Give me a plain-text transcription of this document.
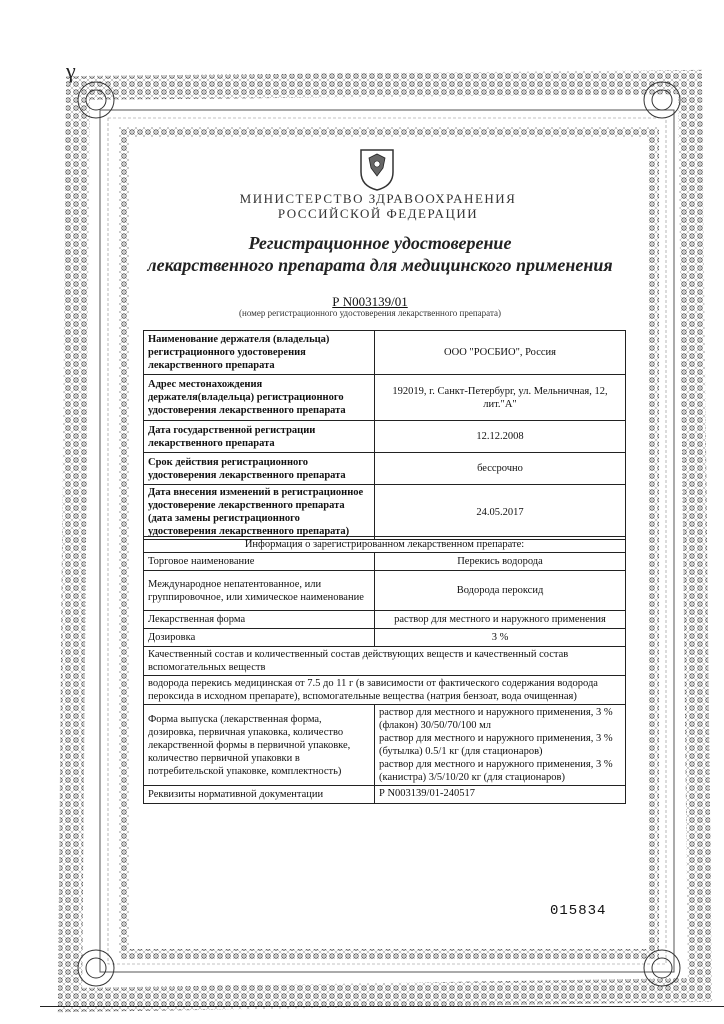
γ
МИНИСТЕРСТВО ЗДРАВООХРАНЕНИЯ
РОССИЙСКОЙ ФЕДЕРАЦИИ
Регистрационное удостоверение
лекарственного препарата для медицинского применения
Р N003139/01
(номер регистрационного удостоверения лекарственного препарата)
Наименование держателя (владельца) регистрационного удостоверения лекарственного препарата	ООО "РОСБИО", Россия
Адрес местонахождения держателя(владельца) регистрационного удостоверения лекарственного препарата	192019, г. Санкт-Петербург, ул. Мельничная, 12, лит."А"
Дата государственной регистрации лекарственного препарата	12.12.2008
Срок действия регистрационного удостоверения лекарственного препарата	бессрочно
Дата внесения изменений в регистрационное удостоверение лекарственного препарата (дата замены регистрационного удостоверения лекарственного препарата)	24.05.2017
Информация о зарегистрированном лекарственном препарате:	
Торговое наименование	Перекись водорода
Международное непатентованное, или группировочное, или химическое наименование	Водорода пероксид
Лекарственная форма	раствор для местного и наружного применения
Дозировка	3 %
Качественный состав и количественный состав действующих веществ и качественный состав вспомогательных веществ	
водорода перекись медицинская от 7.5 до 11 г (в зависимости от фактического содержания водорода пероксида в исходном препарате), вспомогательные вещества (натрия бензоат, вода очищенная)	
Форма выпуска (лекарственная форма, дозировка, первичная упаковка, количество лекарственной формы в первичной упаковке, количество первичной упаковки в потребительской упаковке, комплектность)	раствор для местного и наружного применения, 3 % (флакон) 30/50/70/100 мл
раствор для местного и наружного применения, 3 % (бутылка) 0.5/1 кг (для стационаров)
раствор для местного и наружного применения, 3 % (канистра) 3/5/10/20 кг (для стационаров)

Реквизиты нормативной документации	Р N003139/01-240517
015834
